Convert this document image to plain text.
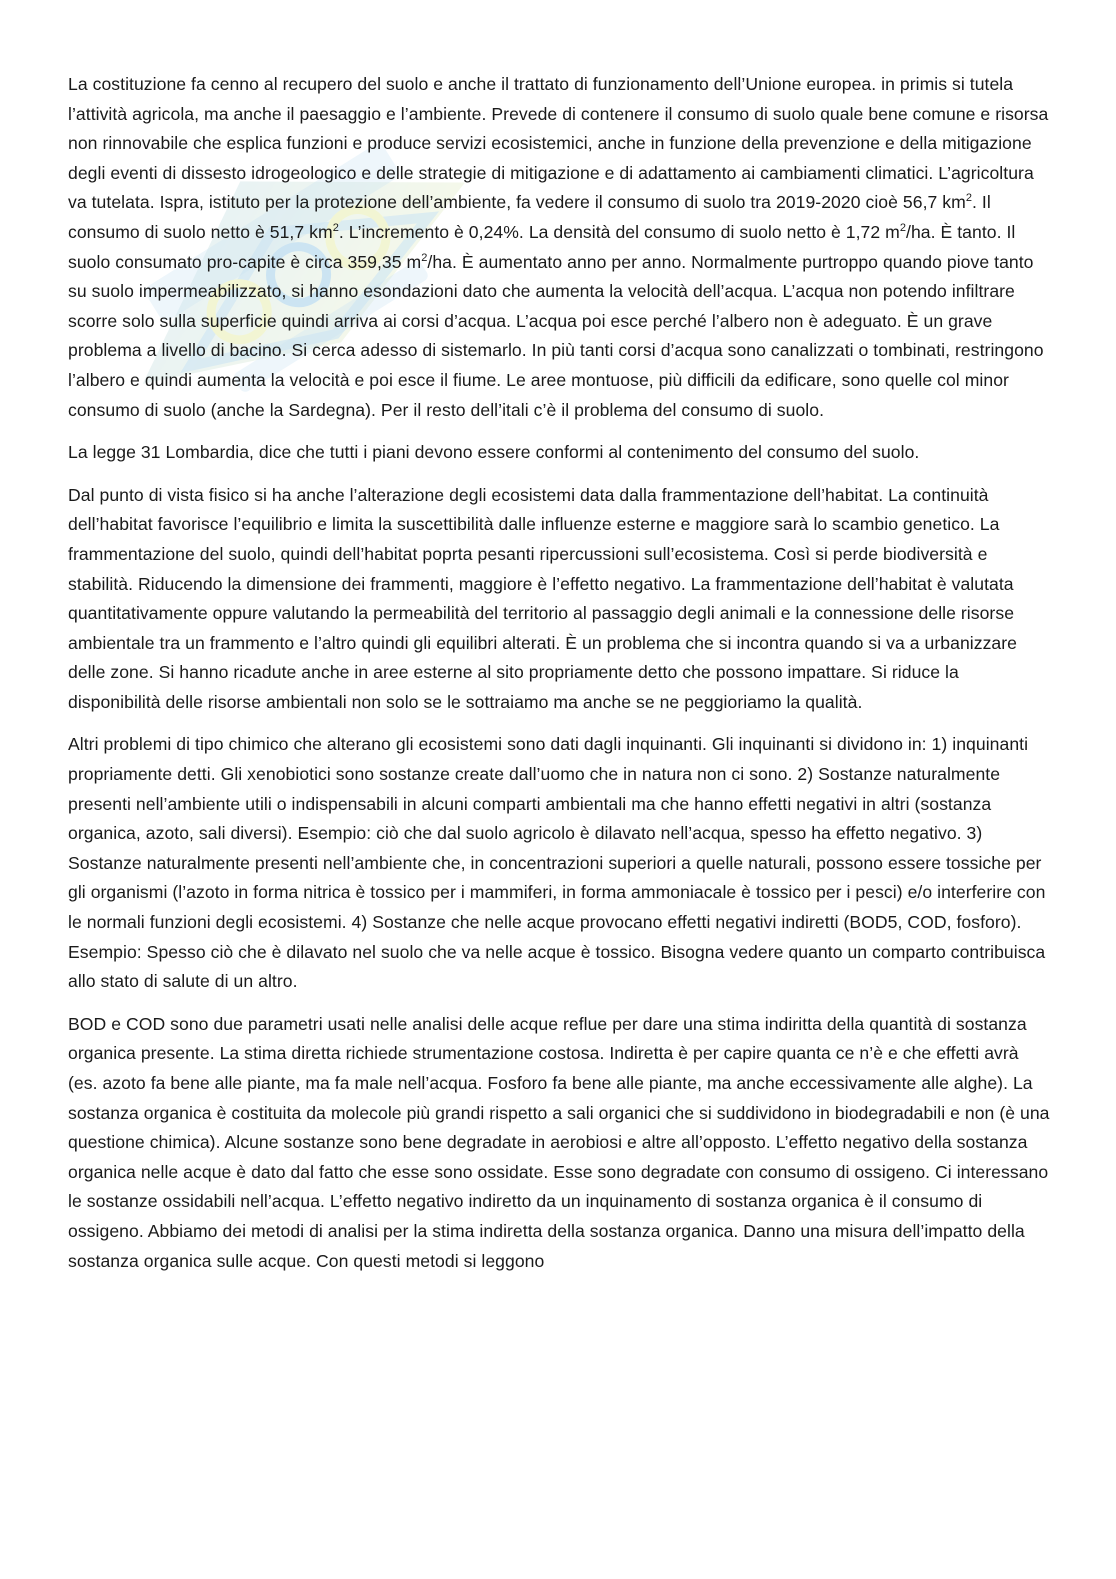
La costituzione fa cenno al recupero del suolo e anche il trattato di funzionamento dell’Unione europea. in primis si tutela l’attività agricola, ma anche il paesaggio e l’ambiente. Prevede di contenere il consumo di suolo quale bene comune e risorsa non rinnovabile che esplica funzioni e produce servizi ecosistemici, anche in funzione della prevenzione e della mitigazione degli eventi di dissesto idrogeologico e delle strategie di mitigazione e di adattamento ai cambiamenti climatici. L’agricoltura va tutelata. Ispra, istituto per la protezione dell’ambiente, fa vedere il consumo di suolo tra 2019-2020 cioè 56,7 $km^2$. Il consumo di suolo netto è 51,7 $km^2$. L’incremento è 0,24%. La densità del consumo di suolo netto è 1,72 $m^2/ha$. È tanto. Il suolo consumato pro-capite è circa 359,35 $m^2/ha$. È aumentato anno per anno. Normalmente purtroppo quando piove tanto su suolo impermeabilizzato, si hanno esondazioni dato che aumenta la velocità dell’acqua. L’acqua non potendo infiltrare scorre solo sulla superficie quindi arriva ai corsi d’acqua. L’acqua poi esce perché l’albero non è adeguato. È un grave problema a livello di bacino. Si cerca adesso di sistemarlo. In più tanti corsi d’acqua sono canalizzati o tombinati, restringono l’albero e quindi aumenta la velocità e poi esce il fiume. Le aree montuose, più difficili da edificare, sono quelle col minor consumo di suolo (anche la Sardegna). Per il resto dell’itali c’è il problema del consumo di suolo.

La legge 31 Lombardia, dice che tutti i piani devono essere conformi al contenimento del consumo del suolo.

Dal punto di vista fisico si ha anche l’alterazione degli ecosistemi data dalla frammentazione dell’habitat. La continuità dell’habitat favorisce l’equilibrio e limita la suscettibilità dalle influenze esterne e maggiore sarà lo scambio genetico. La frammentazione del suolo, quindi dell’habitat poprta pesanti ripercussioni sull’ecosistema. Così si perde biodiversità e stabilità. Riducendo la dimensione dei frammenti, maggiore è l’effetto negativo. La frammentazione dell’habitat è valutata quantitativamente oppure valutando la permeabilità del territorio al passaggio degli animali e la connessione delle risorse ambientale tra un frammento e l’altro quindi gli equilibri alterati. È un problema che si incontra quando si va a urbanizzare delle zone. Si hanno ricadute anche in aree esterne al sito propriamente detto che possono impattare. Si riduce la disponibilità delle risorse ambientali non solo se le sottraiamo ma anche se ne peggioriamo la qualità.

Altri problemi di tipo chimico che alterano gli ecosistemi sono dati dagli inquinanti. Gli inquinanti si dividono in: 1) inquinanti propriamente detti. Gli xenobiotici sono sostanze create dall’uomo che in natura non ci sono. 2) Sostanze naturalmente presenti nell’ambiente utili o indispensabili in alcuni comparti ambientali ma che hanno effetti negativi in altri (sostanza organica, azoto, sali diversi). Esempio: ciò che dal suolo agricolo è dilavato nell’acqua, spesso ha effetto negativo. 3) Sostanze naturalmente presenti nell’ambiente che, in concentrazioni superiori a quelle naturali, possono essere tossiche per gli organismi (l’azoto in forma nitrica è tossico per i mammiferi, in forma ammoniacale è tossico per i pesci) e/o interferire con le normali funzioni degli ecosistemi. 4) Sostanze che nelle acque provocano effetti negativi indiretti (BOD5, COD, fosforo). Esempio: Spesso ciò che è dilavato nel suolo che va nelle acque è tossico. Bisogna vedere quanto un comparto contribuisca allo stato di salute di un altro.

BOD e COD sono due parametri usati nelle analisi delle acque reflue per dare una stima indiritta della quantità di sostanza organica presente. La stima diretta richiede strumentazione costosa. Indiretta è per capire quanta ce n’è e che effetti avrà (es. azoto fa bene alle piante, ma fa male nell’acqua. Fosforo fa bene alle piante, ma anche eccessivamente alle alghe). La sostanza organica è costituita da molecole più grandi rispetto a sali organici che si suddividono in biodegradabili e non (è una questione chimica). Alcune sostanze sono bene degradate in aerobiosi e altre all’opposto. L’effetto negativo della sostanza organica nelle acque è dato dal fatto che esse sono ossidate. Esse sono degradate con consumo di ossigeno. Ci interessano le sostanze ossidabili nell’acqua. L’effetto negativo indiretto da un inquinamento di sostanza organica è il consumo di ossigeno. Abbiamo dei metodi di analisi per la stima indiretta della sostanza organica. Danno una misura dell’impatto della sostanza organica sulle acque. Con questi metodi si leggono
